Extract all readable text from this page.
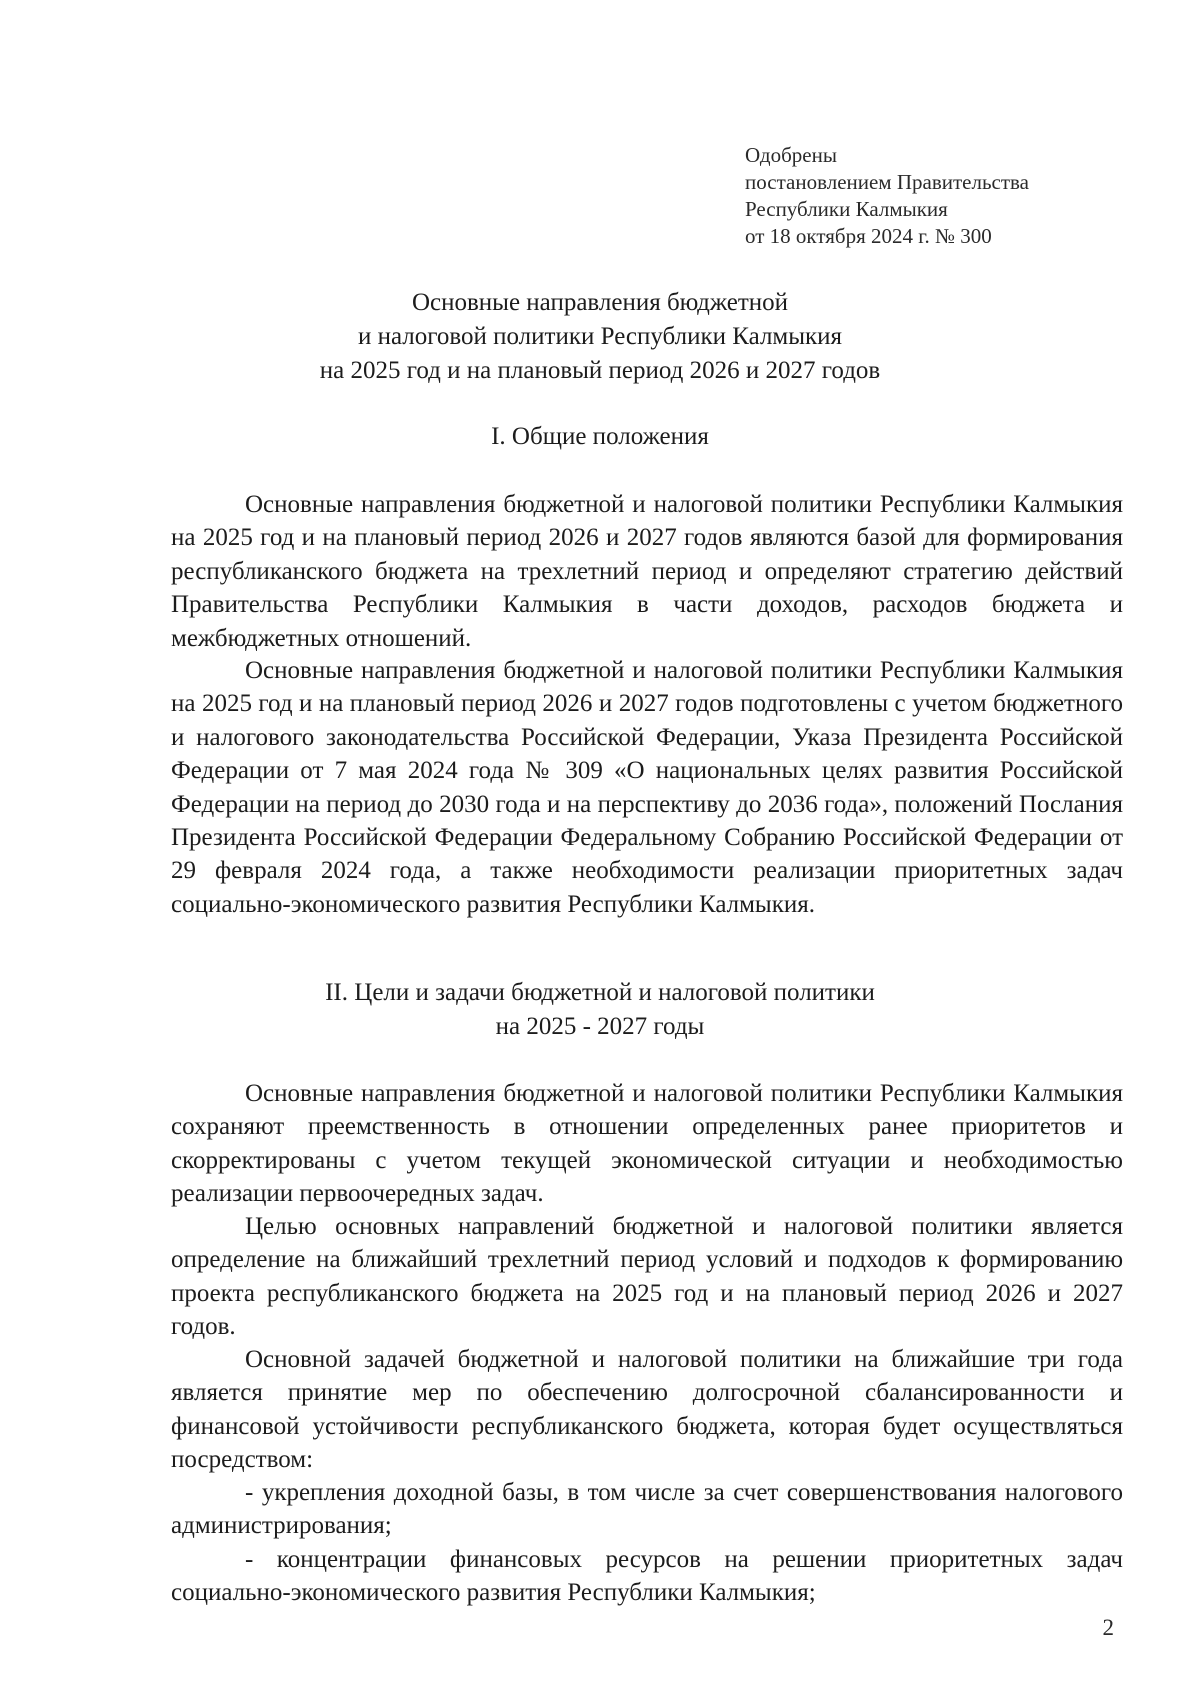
Одобрены
постановлением Правительства
Республики Калмыкия
от 18 октября 2024 г. № 300
Основные направления бюджетной
и налоговой политики Республики Калмыкия
на 2025 год и на плановый период 2026 и 2027 годов
I. Общие положения

Основные направления бюджетной и налоговой политики Республики Калмыкия на 2025 год и на плановый период 2026 и 2027 годов являются базой для формирования республиканского бюджета на трехлетний период и определяют стратегию действий Правительства Республики Калмыкия в части доходов, расходов бюджета и межбюджетных отношений.

Основные направления бюджетной и налоговой политики Республики Калмыкия на 2025 год и на плановый период 2026 и 2027 годов подготовлены с учетом бюджетного и налогового законодательства Российской Федерации, Указа Президента Российской Федерации от 7 мая 2024 года № 309 «О национальных целях развития Российской Федерации на период до 2030 года и на перспективу до 2036 года», положений Послания Президента Российской Федерации Федеральному Собранию Российской Федерации от 29 февраля 2024 года, а также необходимости реализации приоритетных задач социально-экономического развития Республики Калмыкия.

II. Цели и задачи бюджетной и налоговой политики
на 2025 - 2027 годы

Основные направления бюджетной и налоговой политики Республики Калмыкия сохраняют преемственность в отношении определенных ранее приоритетов и скорректированы с учетом текущей экономической ситуации и необходимостью реализации первоочередных задач.

Целью основных направлений бюджетной и налоговой политики является определение на ближайший трехлетний период условий и подходов к формированию проекта республиканского бюджета на 2025 год и на плановый период 2026 и 2027 годов.

Основной задачей бюджетной и налоговой политики на ближайшие три года является принятие мер по обеспечению долгосрочной сбалансированности и финансовой устойчивости республиканского бюджета, которая будет осуществляться посредством:

- укрепления доходной базы, в том числе за счет совершенствования налогового администрирования;

- концентрации финансовых ресурсов на решении приоритетных задач социально-экономического развития Республики Калмыкия;

2
